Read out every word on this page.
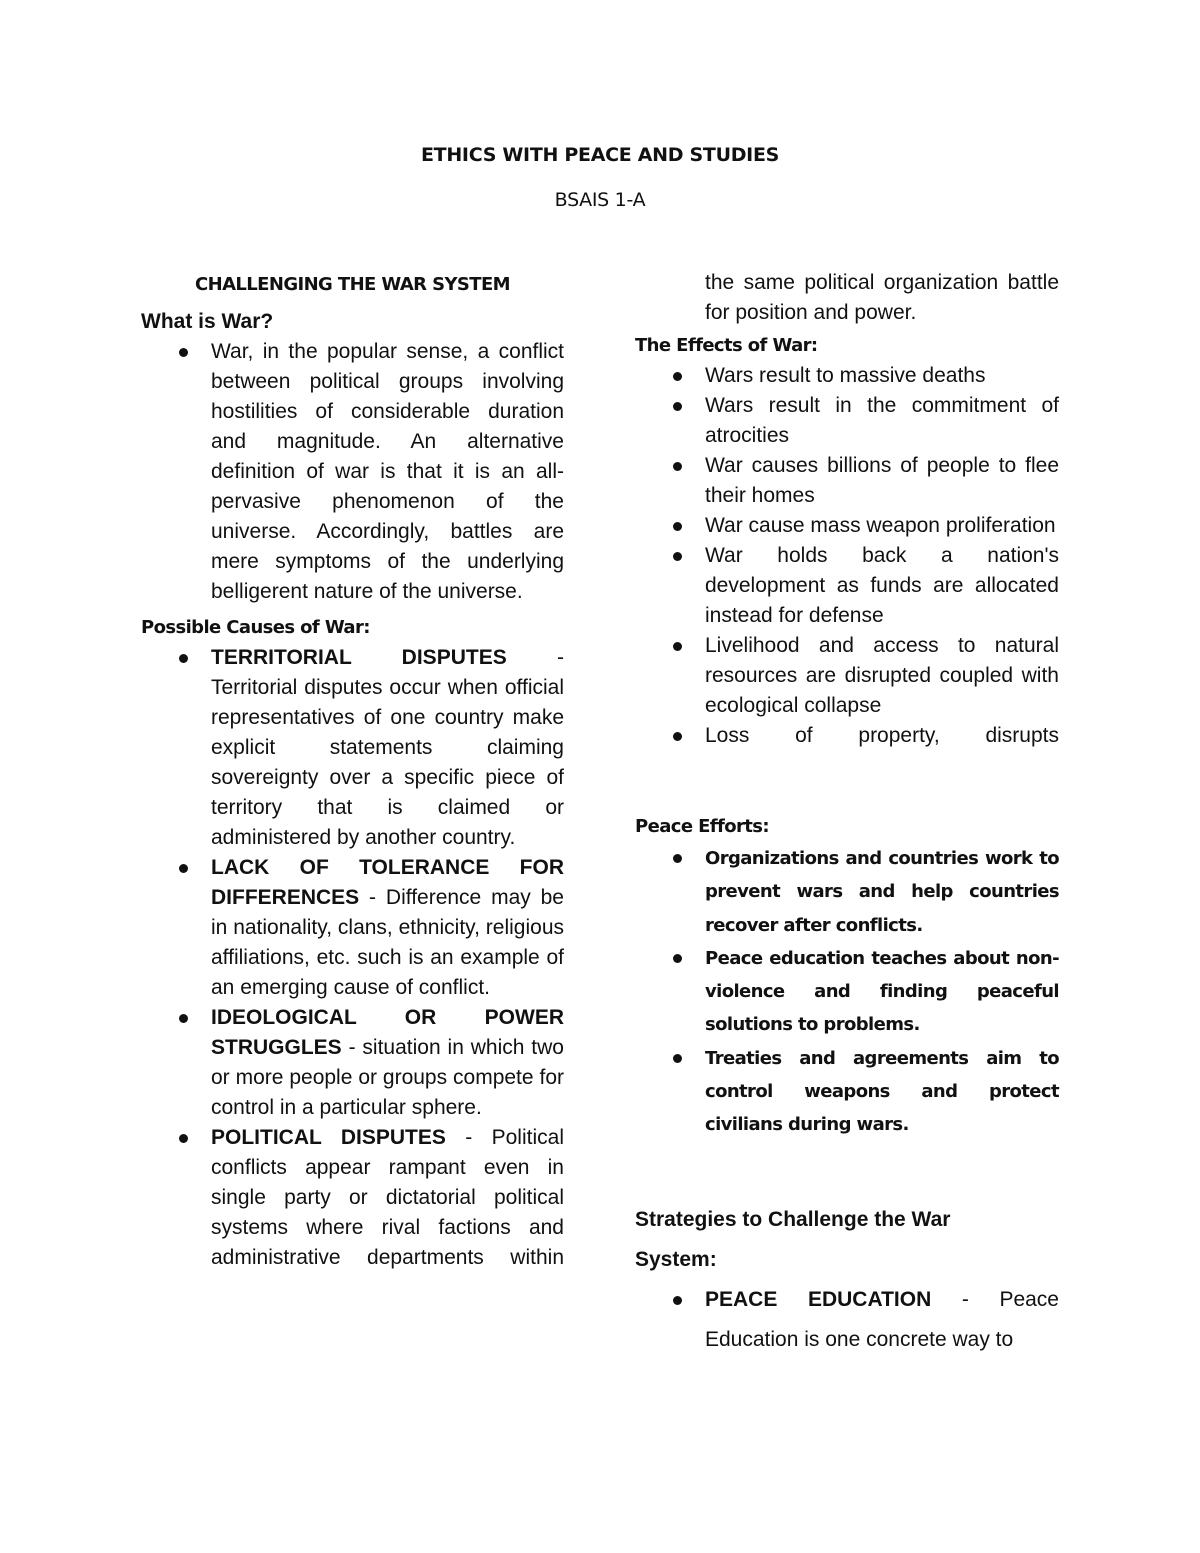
ETHICS WITH PEACE AND STUDIES
BSAIS 1-A
CHALLENGING THE WAR SYSTEM
What is War?
War, in the popular sense, a conflict between political groups involving hostilities of considerable duration and magnitude. An alternative definition of war is that it is an all-pervasive phenomenon of the universe. Accordingly, battles are mere symptoms of the underlying belligerent nature of the universe.
Possible Causes of War:
TERRITORIAL DISPUTES - Territorial disputes occur when official representatives of one country make explicit statements claiming sovereignty over a specific piece of territory that is claimed or administered by another country.
LACK OF TOLERANCE FOR DIFFERENCES - Difference may be in nationality, clans, ethnicity, religious affiliations, etc. such is an example of an emerging cause of conflict.
IDEOLOGICAL OR POWER STRUGGLES - situation in which two or more people or groups compete for control in a particular sphere.
POLITICAL DISPUTES - Political conflicts appear rampant even in single party or dictatorial political systems where rival factions and administrative departments within
the same political organization battle for position and power.
The Effects of War:
Wars result to massive deaths
Wars result in the commitment of atrocities
War causes billions of people to flee their homes
War cause mass weapon proliferation
War holds back a nation's development as funds are allocated instead for defense
Livelihood and access to natural resources are disrupted coupled with ecological collapse
Loss of property, disrupts
Peace Efforts:
Organizations and countries work to prevent wars and help countries recover after conflicts.
Peace education teaches about non-violence and finding peaceful solutions to problems.
Treaties and agreements aim to control weapons and protect civilians during wars.
Strategies to Challenge the War System:
PEACE EDUCATION - Peace Education is one concrete way to
